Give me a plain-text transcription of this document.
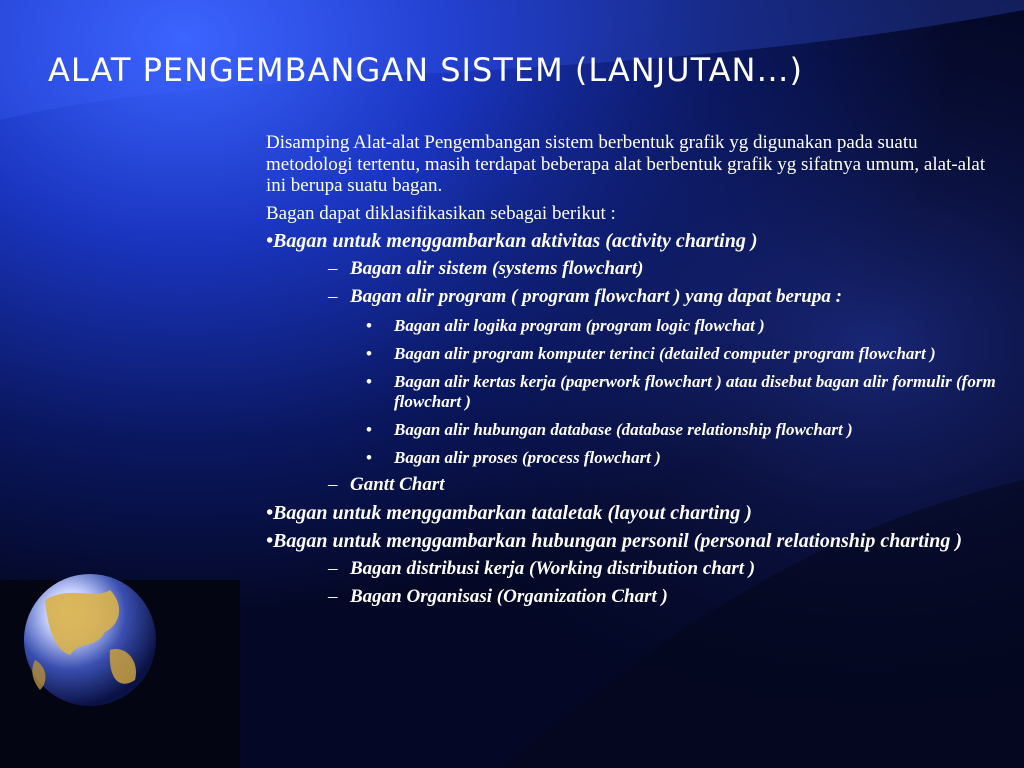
ALAT PENGEMBANGAN SISTEM (LANJUTAN…)
Disamping Alat-alat Pengembangan sistem berbentuk grafik yg digunakan pada suatu metodologi tertentu, masih terdapat beberapa alat berbentuk grafik yg sifatnya umum, alat-alat ini berupa suatu bagan.
Bagan dapat diklasifikasikan sebagai berikut :
•Bagan untuk menggambarkan aktivitas (activity charting )
– Bagan alir sistem (systems flowchart)
– Bagan alir program ( program flowchart ) yang dapat berupa :
• Bagan alir logika program (program logic flowchat )
• Bagan alir program komputer terinci (detailed computer program flowchart )
• Bagan alir kertas kerja (paperwork flowchart ) atau disebut bagan alir formulir (form flowchart )
• Bagan alir hubungan database (database relationship flowchart )
• Bagan alir proses (process flowchart )
– Gantt Chart
•Bagan untuk menggambarkan tataletak (layout charting )
•Bagan untuk menggambarkan hubungan personil (personal relationship charting )
– Bagan distribusi kerja (Working distribution chart )
– Bagan Organisasi (Organization Chart )
